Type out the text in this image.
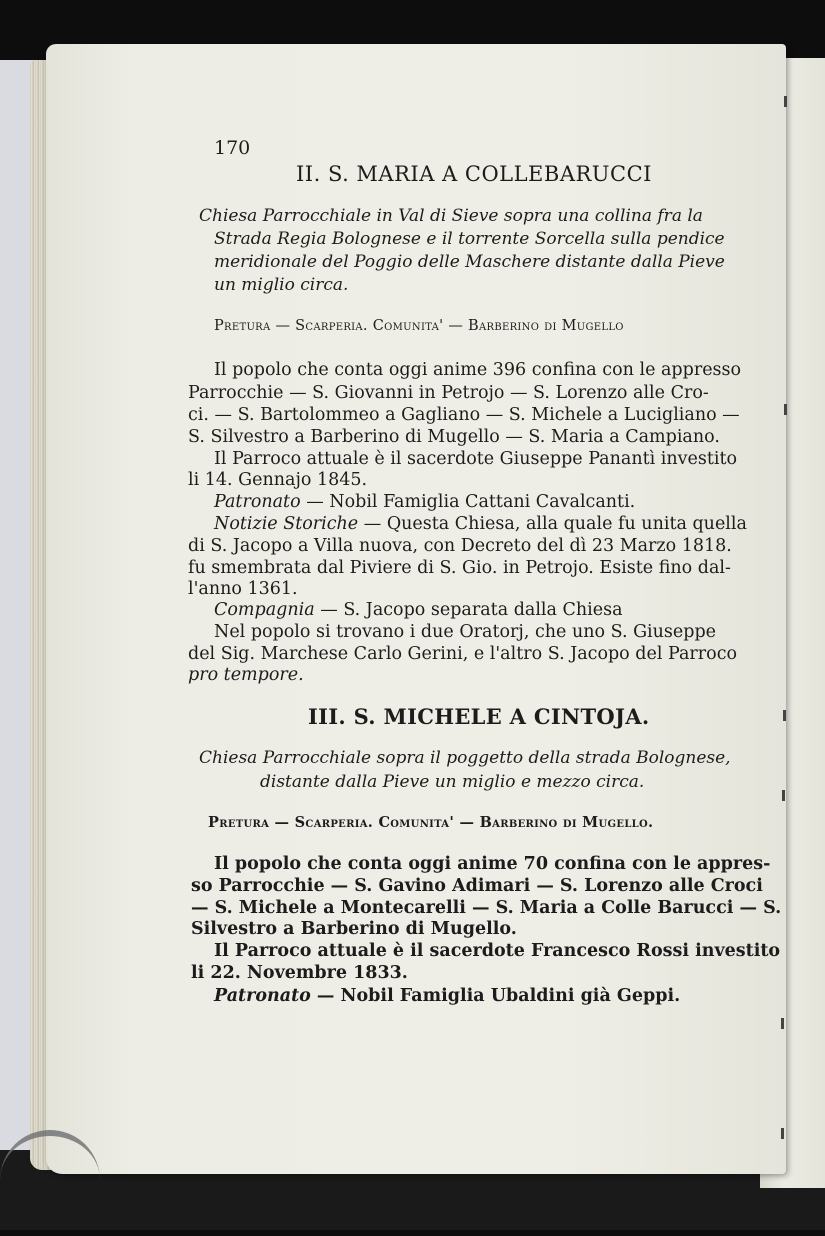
170
II. S. MARIA A COLLEBARUCCI
Chiesa Parrocchiale in Val di Sieve sopra una collina fra la
Strada Regia Bolognese e il torrente Sorcella sulla pendice
meridionale del Poggio delle Maschere distante dalla Pieve
un miglio circa.
Pretura — Scarperia. Comunita' — Barberino di Mugello
Il popolo che conta oggi anime 396 confina con le appresso
Parrocchie — S. Giovanni in Petrojo — S. Lorenzo alle Cro-
ci. — S. Bartolommeo a Gagliano — S. Michele a Lucigliano —
S. Silvestro a Barberino di Mugello — S. Maria a Campiano.
Il Parroco attuale è il sacerdote Giuseppe Panantì investito
li 14. Gennajo 1845.
Patronato — Nobil Famiglia Cattani Cavalcanti.
Notizie Storiche — Questa Chiesa, alla quale fu unita quella
di S. Jacopo a Villa nuova, con Decreto del dì 23 Marzo 1818.
fu smembrata dal Piviere di S. Gio. in Petrojo. Esiste fino dal-
l'anno 1361.
Compagnia — S. Jacopo separata dalla Chiesa
Nel popolo si trovano i due Oratorj, che uno S. Giuseppe
del Sig. Marchese Carlo Gerini, e l'altro S. Jacopo del Parroco
pro tempore.
III. S. MICHELE A CINTOJA.
Chiesa Parrocchiale sopra il poggetto della strada Bolognese,
distante dalla Pieve un miglio e mezzo circa.
Pretura — Scarperia. Comunita' — Barberino di Mugello.
Il popolo che conta oggi anime 70 confina con le appres-
so Parrocchie — S. Gavino Adimari — S. Lorenzo alle Croci
— S. Michele a Montecarelli — S. Maria a Colle Barucci — S.
Silvestro a Barberino di Mugello.
Il Parroco attuale è il sacerdote Francesco Rossi investito
li 22. Novembre 1833.
Patronato — Nobil Famiglia Ubaldini già Geppi.
